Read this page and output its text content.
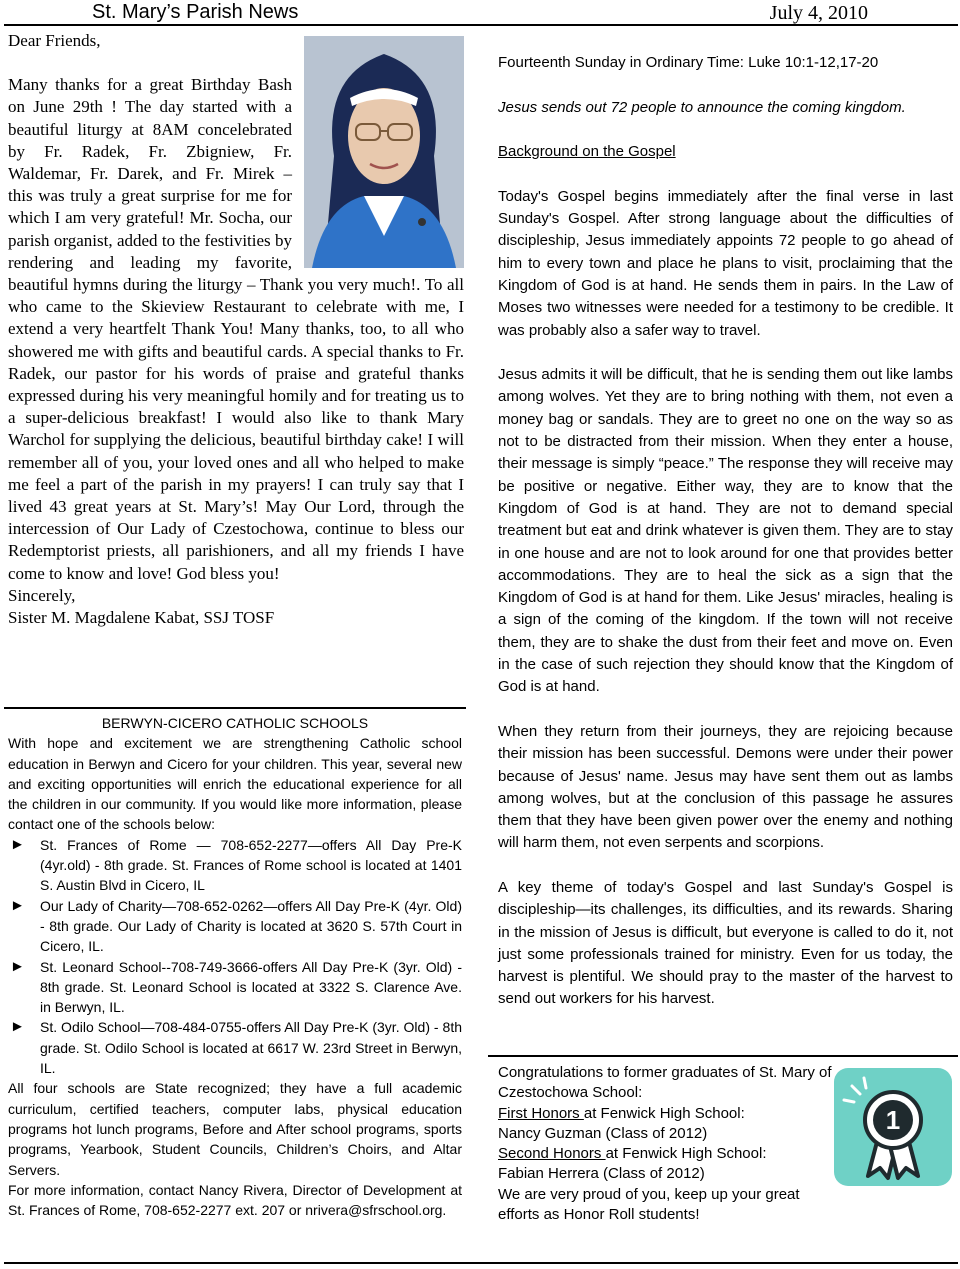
St. Mary’s Parish News	July 4, 2010

Dear Friends,

Many thanks for a great Birthday Bash on June 29th ! The day started with a beautiful liturgy at 8AM concelebrated by Fr. Radek, Fr. Zbigniew, Fr. Waldemar, Fr. Darek, and Fr. Mirek – this was truly a great surprise for me for which I am very grateful! Mr. Socha, our parish organist, added to the festivities by rendering and leading my favorite, beautiful hymns during the liturgy – Thank you very much!. To all who came to the Skieview Restaurant to celebrate with me, I extend a very heartfelt Thank You! Many thanks, too, to all who showered me with gifts and beautiful cards. A special thanks to Fr. Radek, our pastor for his words of praise and grateful thanks expressed during his very meaningful homily and for treating us to a super-delicious breakfast! I would also like to thank Mary Warchol for supplying the delicious, beautiful birthday cake! I will remember all of you, your loved ones and all who helped to make me feel a part of the parish in my prayers! I can truly say that I lived 43 great years at St. Mary’s! May Our Lord, through the intercession of Our Lady of Czestochowa, continue to bless our Redemptorist priests, all parishioners, and all my friends I have come to know and love! God bless you!

Sincerely,

Sister M. Magdalene Kabat, SSJ TOSF

BERWYN-CICERO CATHOLIC SCHOOLS

With hope and excitement we are strengthening Catholic school education in Berwyn and Cicero for your children. This year, several new and exciting opportunities will enrich the educational experience for all the children in our community. If you would like more information, please contact one of the schools below:

► St. Frances of Rome — 708-652-2277—offers All Day Pre-K (4yr.old) - 8th grade. St. Frances of Rome school is located at 1401 S. Austin Blvd in Cicero, IL
► Our Lady of Charity—708-652-0262—offers All Day Pre-K (4yr. Old) - 8th grade. Our Lady of Charity is located at 3620 S. 57th Court in Cicero, IL.
► St. Leonard School--708-749-3666-offers All Day Pre-K (3yr. Old) - 8th grade. St. Leonard School is located at 3322 S. Clarence Ave. in Berwyn, IL.
► St. Odilo School—708-484-0755-offers All Day Pre-K (3yr. Old) - 8th grade. St. Odilo School is located at 6617 W. 23rd Street in Berwyn, IL.

All four schools are State recognized; they have a full academic curriculum, certified teachers, computer labs, physical education programs hot lunch programs, Before and After school programs, sports programs, Yearbook, Student Councils, Children’s Choirs, and Altar Servers.

For more information, contact Nancy Rivera, Director of Development at St. Frances of Rome, 708-652-2277 ext. 207 or nrivera@sfrschool.org.

Fourteenth Sunday in Ordinary Time: Luke 10:1-12,17-20

Jesus sends out 72 people to announce the coming kingdom.

Background on the Gospel

Today's Gospel begins immediately after the final verse in last Sunday's Gospel. After strong language about the difficulties of discipleship, Jesus immediately appoints 72 people to go ahead of him to every town and place he plans to visit, proclaiming that the Kingdom of God is at hand. He sends them in pairs. In the Law of Moses two witnesses were needed for a testimony to be credible. It was probably also a safer way to travel.

Jesus admits it will be difficult, that he is sending them out like lambs among wolves. Yet they are to bring nothing with them, not even a money bag or sandals. They are to greet no one on the way so as not to be distracted from their mission. When they enter a house, their message is simply “peace.” The response they will receive may be positive or negative. Either way, they are to know that the Kingdom of God is at hand. They are not to demand special treatment but eat and drink whatever is given them. They are to stay in one house and are not to look around for one that provides better accommodations. They are to heal the sick as a sign that the Kingdom of God is at hand for them. Like Jesus' miracles, healing is a sign of the coming of the kingdom. If the town will not receive them, they are to shake the dust from their feet and move on. Even in the case of such rejection they should know that the Kingdom of God is at hand.

When they return from their journeys, they are rejoicing because their mission has been successful. Demons were under their power because of Jesus' name. Jesus may have sent them out as lambs among wolves, but at the conclusion of this passage he assures them that they have been given power over the enemy and nothing will harm them, not even serpents and scorpions.

A key theme of today's Gospel and last Sunday's Gospel is discipleship—its challenges, its difficulties, and its rewards. Sharing in the mission of Jesus is difficult, but everyone is called to do it, not just some professionals trained for ministry. Even for us today, the harvest is plentiful. We should pray to the master of the harvest to send out workers for his harvest.

Congratulations to former graduates of St. Mary of Czestochowa School:

First Honors at Fenwick High School:

Nancy Guzman (Class of 2012)

Second Honors at Fenwick High School:

Fabian Herrera (Class of 2012)

We are very proud of you, keep up your great efforts as Honor Roll students!

1
